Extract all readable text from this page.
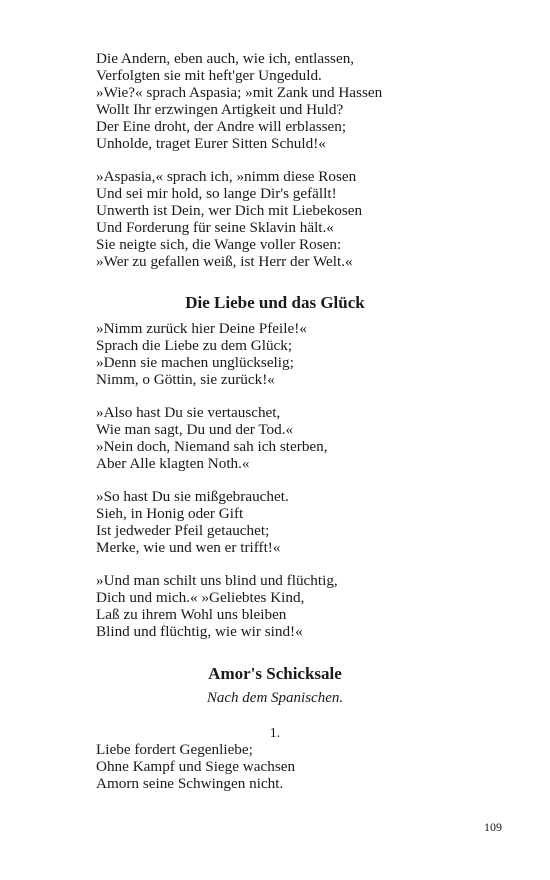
Die Andern, eben auch, wie ich, entlassen,
Verfolgten sie mit heft'ger Ungeduld.
»Wie?« sprach Aspasia; »mit Zank und Hassen
Wollt Ihr erzwingen Artigkeit und Huld?
Der Eine droht, der Andre will erblassen;
Unholde, traget Eurer Sitten Schuld!«
»Aspasia,« sprach ich, »nimm diese Rosen
Und sei mir hold, so lange Dir's gefällt!
Unwerth ist Dein, wer Dich mit Liebekosen
Und Forderung für seine Sklavin hält.«
Sie neigte sich, die Wange voller Rosen:
»Wer zu gefallen weiß, ist Herr der Welt.«
Die Liebe und das Glück
»Nimm zurück hier Deine Pfeile!«
Sprach die Liebe zu dem Glück;
»Denn sie machen unglückselig;
Nimm, o Göttin, sie zurück!«
»Also hast Du sie vertauschet,
Wie man sagt, Du und der Tod.«
»Nein doch, Niemand sah ich sterben,
Aber Alle klagten Noth.«
»So hast Du sie mißgebrauchet.
Sieh, in Honig oder Gift
Ist jedweder Pfeil getauchet;
Merke, wie und wen er trifft!«
»Und man schilt uns blind und flüchtig,
Dich und mich.« »Geliebtes Kind,
Laß zu ihrem Wohl uns bleiben
Blind und flüchtig, wie wir sind!«
Amor's Schicksale
Nach dem Spanischen.
1.
Liebe fordert Gegenliebe;
Ohne Kampf und Siege wachsen
Amorn seine Schwingen nicht.
109
